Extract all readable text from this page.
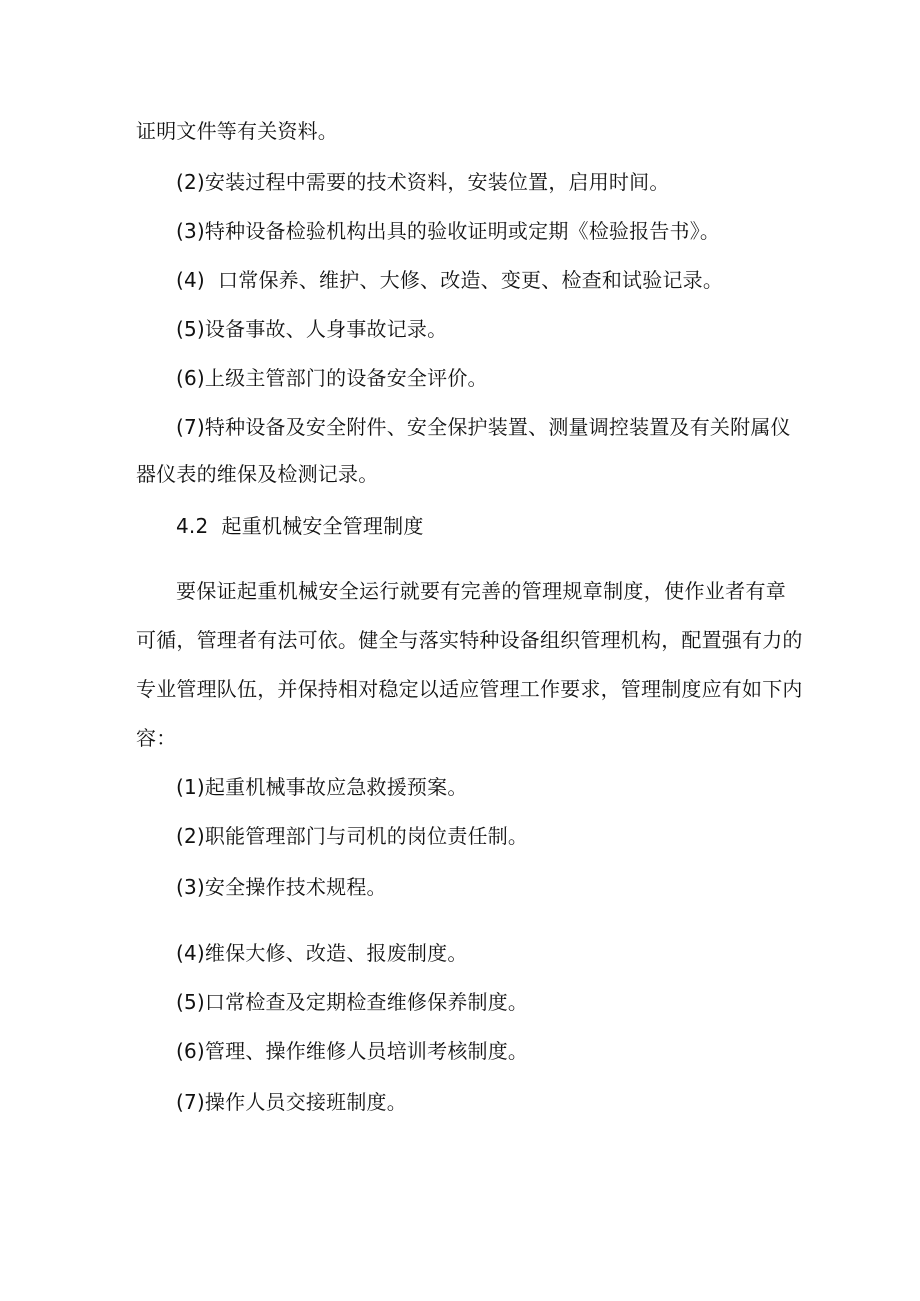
证明文件等有关资料。
(2)安装过程中需要的技术资料，安装位置，启用时间。
(3)特种设备检验机构出具的验收证明或定期《检验报告书》。
(4)  口常保养、维护、大修、改造、变更、检查和试验记录。
(5)设备事故、人身事故记录。
(6)上级主管部门的设备安全评价。
(7)特种设备及安全附件、安全保护装置、测量调控装置及有关附属仪
器仪表的维保及检测记录。
4.2  起重机械安全管理制度
要保证起重机械安全运行就要有完善的管理规章制度，使作业者有章
可循，管理者有法可依。健全与落实特种设备组织管理机构，配置强有力的
专业管理队伍，并保持相对稳定以适应管理工作要求，管理制度应有如下内
容：
(1)起重机械事故应急救援预案。
(2)职能管理部门与司机的岗位责任制。
(3)安全操作技术规程。
(4)维保大修、改造、报废制度。
(5)口常检查及定期检查维修保养制度。
(6)管理、操作维修人员培训考核制度。
(7)操作人员交接班制度。
